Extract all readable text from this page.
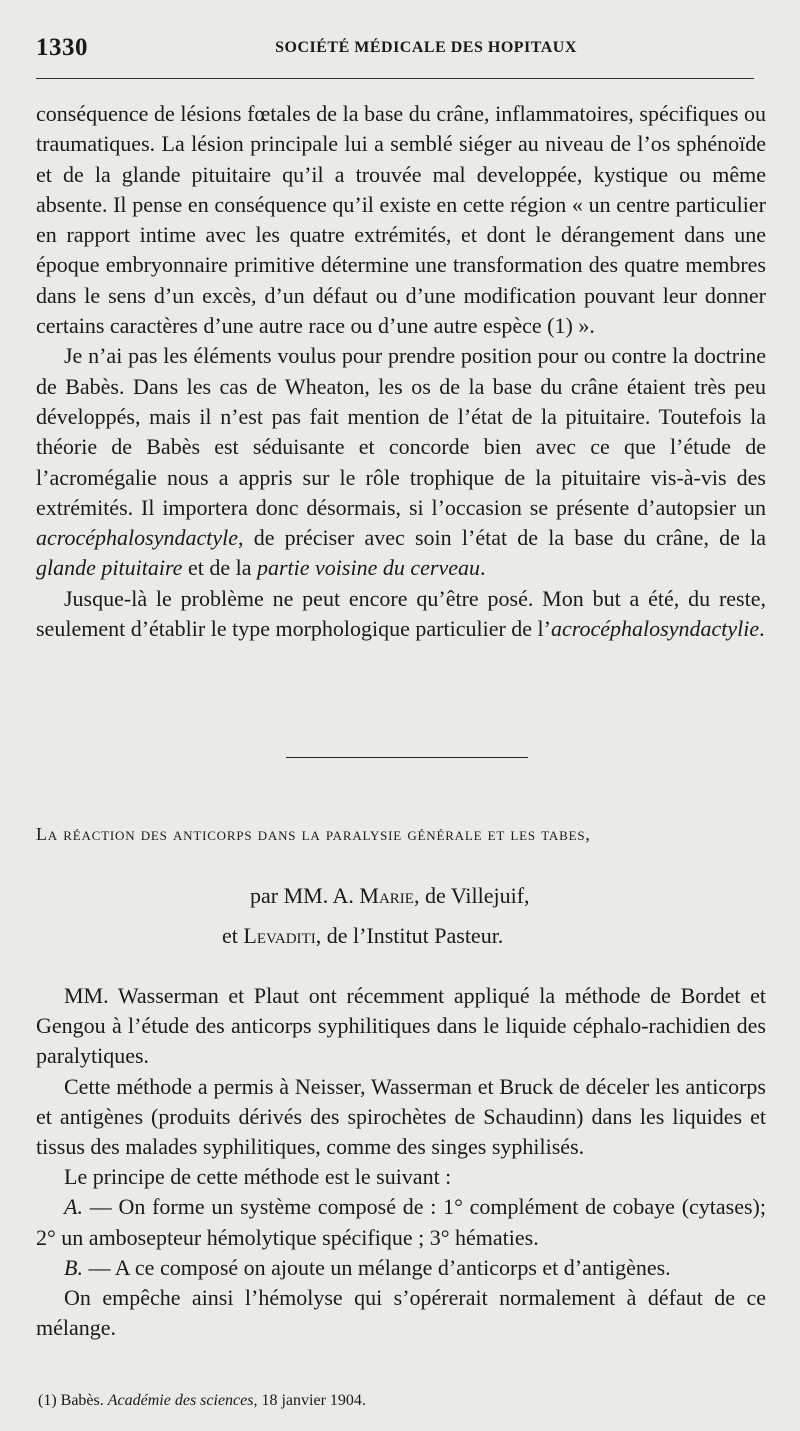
1330	SOCIÉTÉ MÉDICALE DES HOPITAUX

conséquence de lésions fœtales de la base du crâne, inflammatoires, spécifiques ou traumatiques. La lésion principale lui a semblé siéger au niveau de l’os sphénoïde et de la glande pituitaire qu’il a trouvée mal developpée, kystique ou même absente. Il pense en conséquence qu’il existe en cette région « un centre particulier en rapport intime avec les quatre extrémités, et dont le dérangement dans une époque embryonnaire primitive détermine une transformation des quatre membres dans le sens d’un excès, d’un défaut ou d’une modification pouvant leur donner certains caractères d’une autre race ou d’une autre espèce (1) ».

Je n’ai pas les éléments voulus pour prendre position pour ou contre la doctrine de Babès. Dans les cas de Wheaton, les os de la base du crâne étaient très peu développés, mais il n’est pas fait mention de l’état de la pituitaire. Toutefois la théorie de Babès est séduisante et concorde bien avec ce que l’étude de l’acromégalie nous a appris sur le rôle trophique de la pituitaire vis-à-vis des extrémités. Il importera donc désormais, si l’occasion se présente d’autopsier un acrocéphalosyndactyle, de préciser avec soin l’état de la base du crâne, de la glande pituitaire et de la partie voisine du cerveau.

Jusque-là le problème ne peut encore qu’être posé. Mon but a été, du reste, seulement d’établir le type morphologique particulier de l’acrocéphalosyndactylie.

La réaction des anticorps dans la paralysie générale et les tabes,
par MM. A. Marie, de Villejuif,
et Levaditi, de l’Institut Pasteur.

MM. Wasserman et Plaut ont récemment appliqué la méthode de Bordet et Gengou à l’étude des anticorps syphilitiques dans le liquide céphalo-rachidien des paralytiques.

Cette méthode a permis à Neisser, Wasserman et Bruck de déceler les anticorps et antigènes (produits dérivés des spirochètes de Schaudinn) dans les liquides et tissus des malades syphilitiques, comme des singes syphilisés.

Le principe de cette méthode est le suivant :

A. — On forme un système composé de : 1° complément de cobaye (cytases); 2° un ambosepteur hémolytique spécifique ; 3° hématies.

B. — A ce composé on ajoute un mélange d’anticorps et d’antigènes.

On empêche ainsi l’hémolyse qui s’opérerait normalement à défaut de ce mélange.

(1) Babès. Académie des sciences, 18 janvier 1904.
